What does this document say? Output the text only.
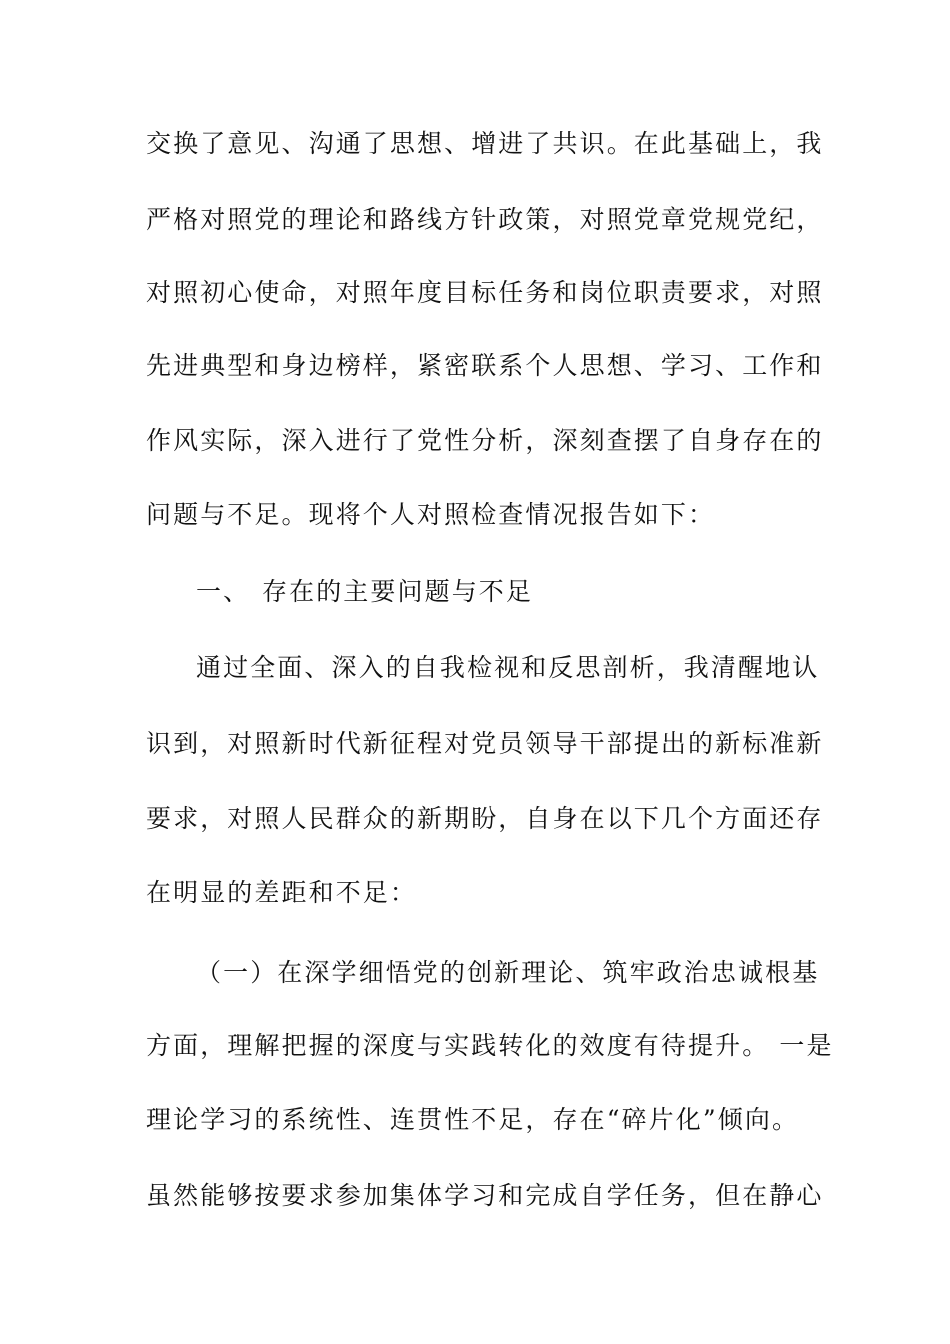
交换了意见、沟通了思想、增进了共识。在此基础上，我
严格对照党的理论和路线方针政策，对照党章党规党纪，
对照初心使命，对照年度目标任务和岗位职责要求，对照
先进典型和身边榜样，紧密联系个人思想、学习、工作和
作风实际，深入进行了党性分析，深刻查摆了自身存在的
问题与不足。现将个人对照检查情况报告如下：
一、 存在的主要问题与不足
通过全面、深入的自我检视和反思剖析，我清醒地认
识到，对照新时代新征程对党员领导干部提出的新标准新
要求，对照人民群众的新期盼，自身在以下几个方面还存
在明显的差距和不足：
（一）在深学细悟党的创新理论、筑牢政治忠诚根基
方面，理解把握的深度与实践转化的效度有待提升。 一是
理论学习的系统性、连贯性不足，存在“碎片化”倾向。
虽然能够按要求参加集体学习和完成自学任务，但在静心
